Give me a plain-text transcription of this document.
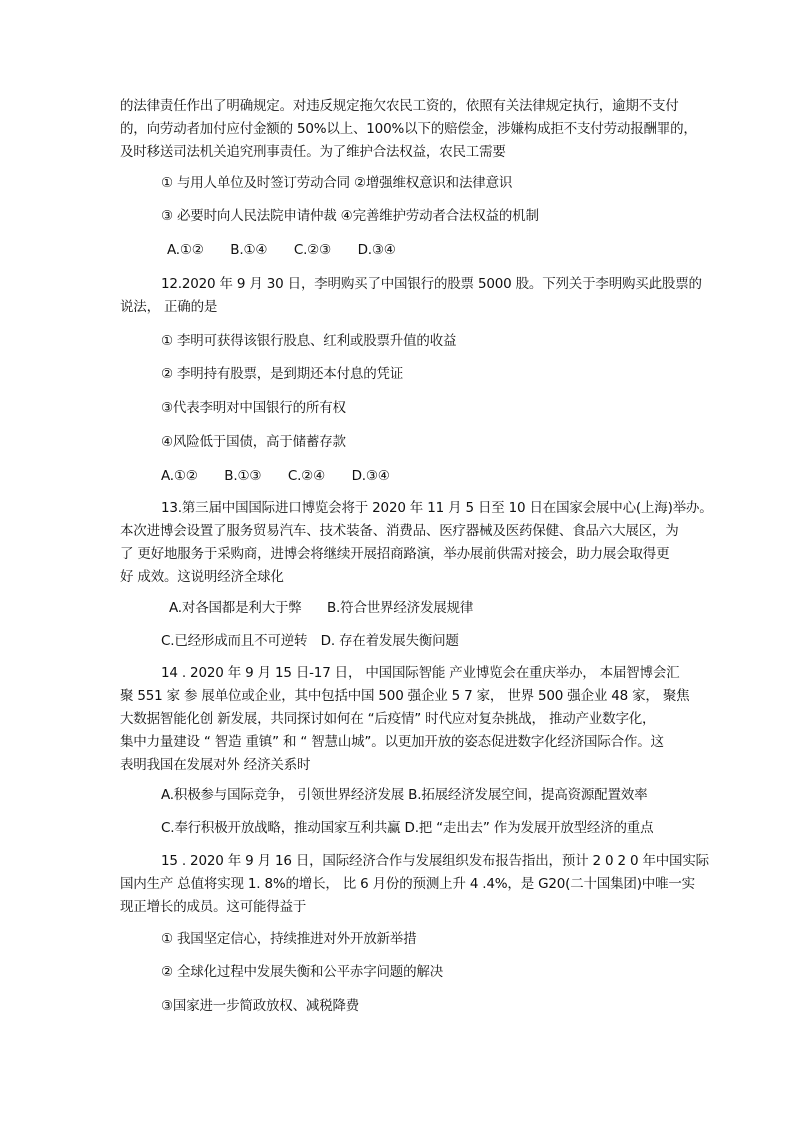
的法律责任作出了明确规定。对违反规定拖欠农民工资的，依照有关法律规定执行，逾期不支付
的，向劳动者加付应付金额的 50%以上、100%以下的赔偿金，涉嫌构成拒不支付劳动报酬罪的，
及时移送司法机关追究刑事责任。为了维护合法权益，农民工需要
① 与用人单位及时签订劳动合同 ②增强维权意识和法律意识
③ 必要时向人民法院申请仲裁 ④完善维护劳动者合法权益的机制
A.①②　　B.①④　　C.②③　　D.③④
12.2020 年 9 月 30 日，李明购买了中国银行的股票 5000 股。下列关于李明购买此股票的
说法， 正确的是
① 李明可获得该银行股息、红利或股票升值的收益
② 李明持有股票，是到期还本付息的凭证
③代表李明对中国银行的所有权
④风险低于国债，高于储蓄存款
A.①②　　B.①③　　C.②④　　D.③④
13.第三届中国国际进口博览会将于 2020 年 11 月 5 日至 10 日在国家会展中心(上海)举办。
本次进博会设置了服务贸易汽车、技术装备、消费品、医疗器械及医药保健、食品六大展区，为
了 更好地服务于采购商，进博会将继续开展招商路演，举办展前供需对接会，助力展会取得更
好 成效。这说明经济全球化
A.对各国都是利大于弊 B.符合世界经济发展规律
C.已经形成而且不可逆转　D. 存在着发展失衡问题
14 . 2020 年 9 月 15 日-17 日， 中国国际智能 产业博览会在重庆举办， 本届智博会汇
聚 551 家 参 展单位或企业，其中包括中国 500 强企业 5 7 家， 世界 500 强企业 48 家， 聚焦
大数据智能化创 新发展，共同探讨如何在 “后疫情” 时代应对复杂挑战， 推动产业数字化，
集中力量建设 “ 智造 重镇” 和 “ 智慧山城”。以更加开放的姿态促进数字化经济国际合作。这
表明我国在发展对外 经济关系时
A.积极参与国际竞争， 引领世界经济发展 B.拓展经济发展空间，提高资源配置效率
C.奉行积极开放战略，推动国家互利共赢 D.把 “走出去” 作为发展开放型经济的重点
15 . 2020 年 9 月 16 日，国际经济合作与发展组织发布报告指出，预计 2 0 2 0 年中国实际
国内生产 总值将实现 1. 8%的增长， 比 6 月份的预测上升 4 .4%，是 G20(二十国集团)中唯一实
现正增长的成员。这可能得益于
① 我国坚定信心，持续推进对外开放新举措
② 全球化过程中发展失衡和公平赤字问题的解决
③国家进一步简政放权、减税降费
